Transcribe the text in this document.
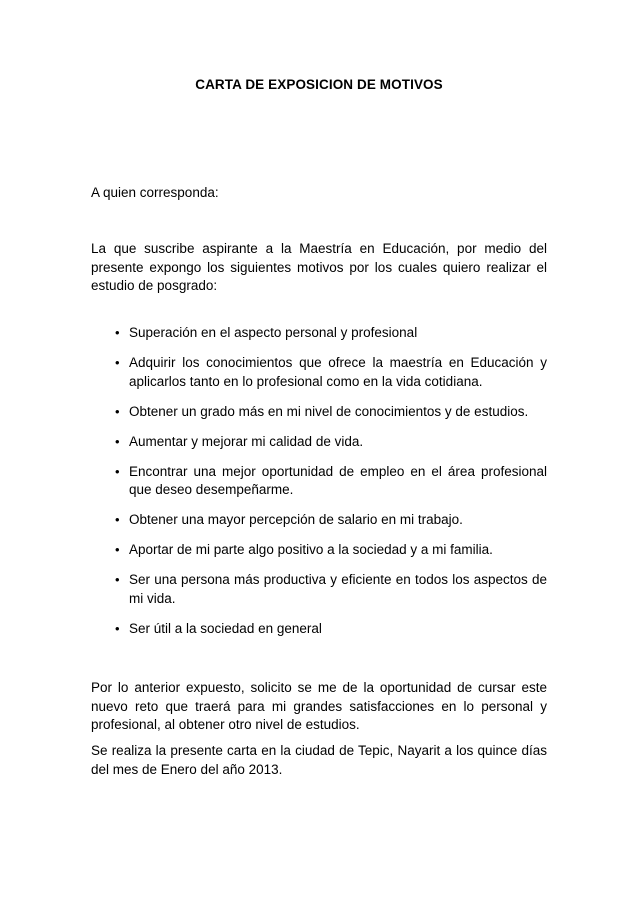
CARTA DE EXPOSICION DE MOTIVOS
A quien corresponda:

La que suscribe aspirante a la Maestría en Educación, por medio del presente expongo los siguientes motivos por los cuales quiero realizar el estudio de posgrado:

• Superación en el aspecto personal y profesional
• Adquirir los conocimientos que ofrece la maestría en Educación y aplicarlos tanto en lo profesional como en la vida cotidiana.
• Obtener un grado más en mi nivel de conocimientos y de estudios.
• Aumentar y mejorar mi calidad de vida.
• Encontrar una mejor oportunidad de empleo en el área profesional que deseo desempeñarme.
• Obtener una mayor percepción de salario en mi trabajo.
• Aportar de mi parte algo positivo a la sociedad y a mi familia.
• Ser una persona más productiva y eficiente en todos los aspectos de mi vida.
• Ser útil a la sociedad en general

Por lo anterior expuesto, solicito se me de la oportunidad de cursar este nuevo reto que traerá para mi grandes satisfacciones en lo personal y profesional, al obtener otro nivel de estudios.

Se realiza la presente carta en la ciudad de Tepic, Nayarit a los quince días del mes de Enero del año 2013.
